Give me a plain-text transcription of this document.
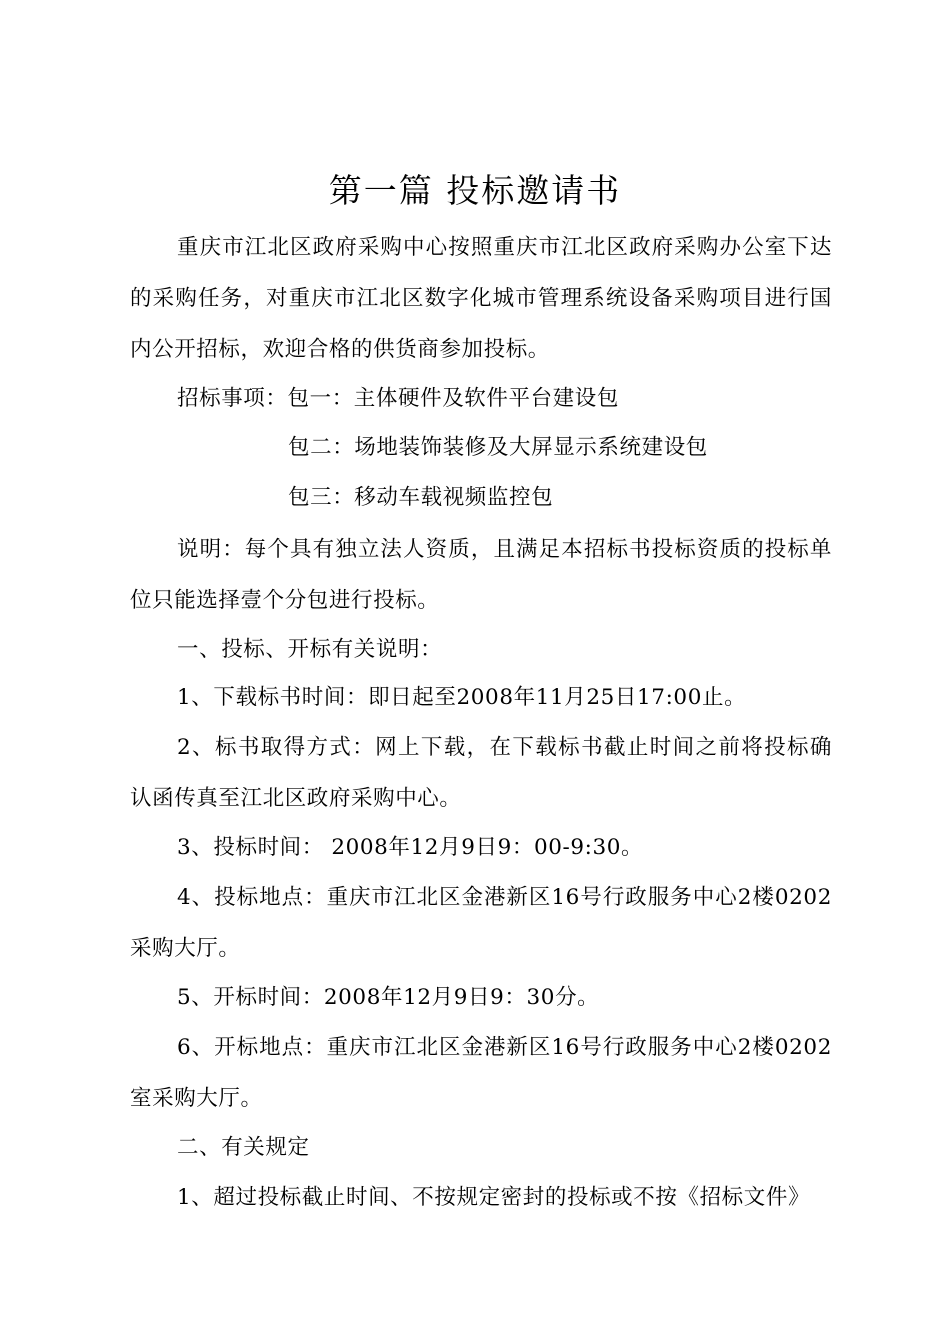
第一篇 投标邀请书
重庆市江北区政府采购中心按照重庆市江北区政府采购办公室下达的采购任务，对重庆市江北区数字化城市管理系统设备采购项目进行国内公开招标，欢迎合格的供货商参加投标。
招标事项：包一：主体硬件及软件平台建设包
包二：场地装饰装修及大屏显示系统建设包
包三：移动车载视频监控包
说明：每个具有独立法人资质，且满足本招标书投标资质的投标单位只能选择壹个分包进行投标。
一、投标、开标有关说明：
1、下载标书时间：即日起至2008年11月25日17:00止。
2、标书取得方式：网上下载，在下载标书截止时间之前将投标确认函传真至江北区政府采购中心。
3、投标时间： 2008年12月9日9：00-9:30。
4、投标地点：重庆市江北区金港新区16号行政服务中心2楼0202采购大厅。
5、开标时间：2008年12月9日9：30分。
6、开标地点：重庆市江北区金港新区16号行政服务中心2楼0202室采购大厅。
二、有关规定
1、超过投标截止时间、不按规定密封的投标或不按《招标文件》
